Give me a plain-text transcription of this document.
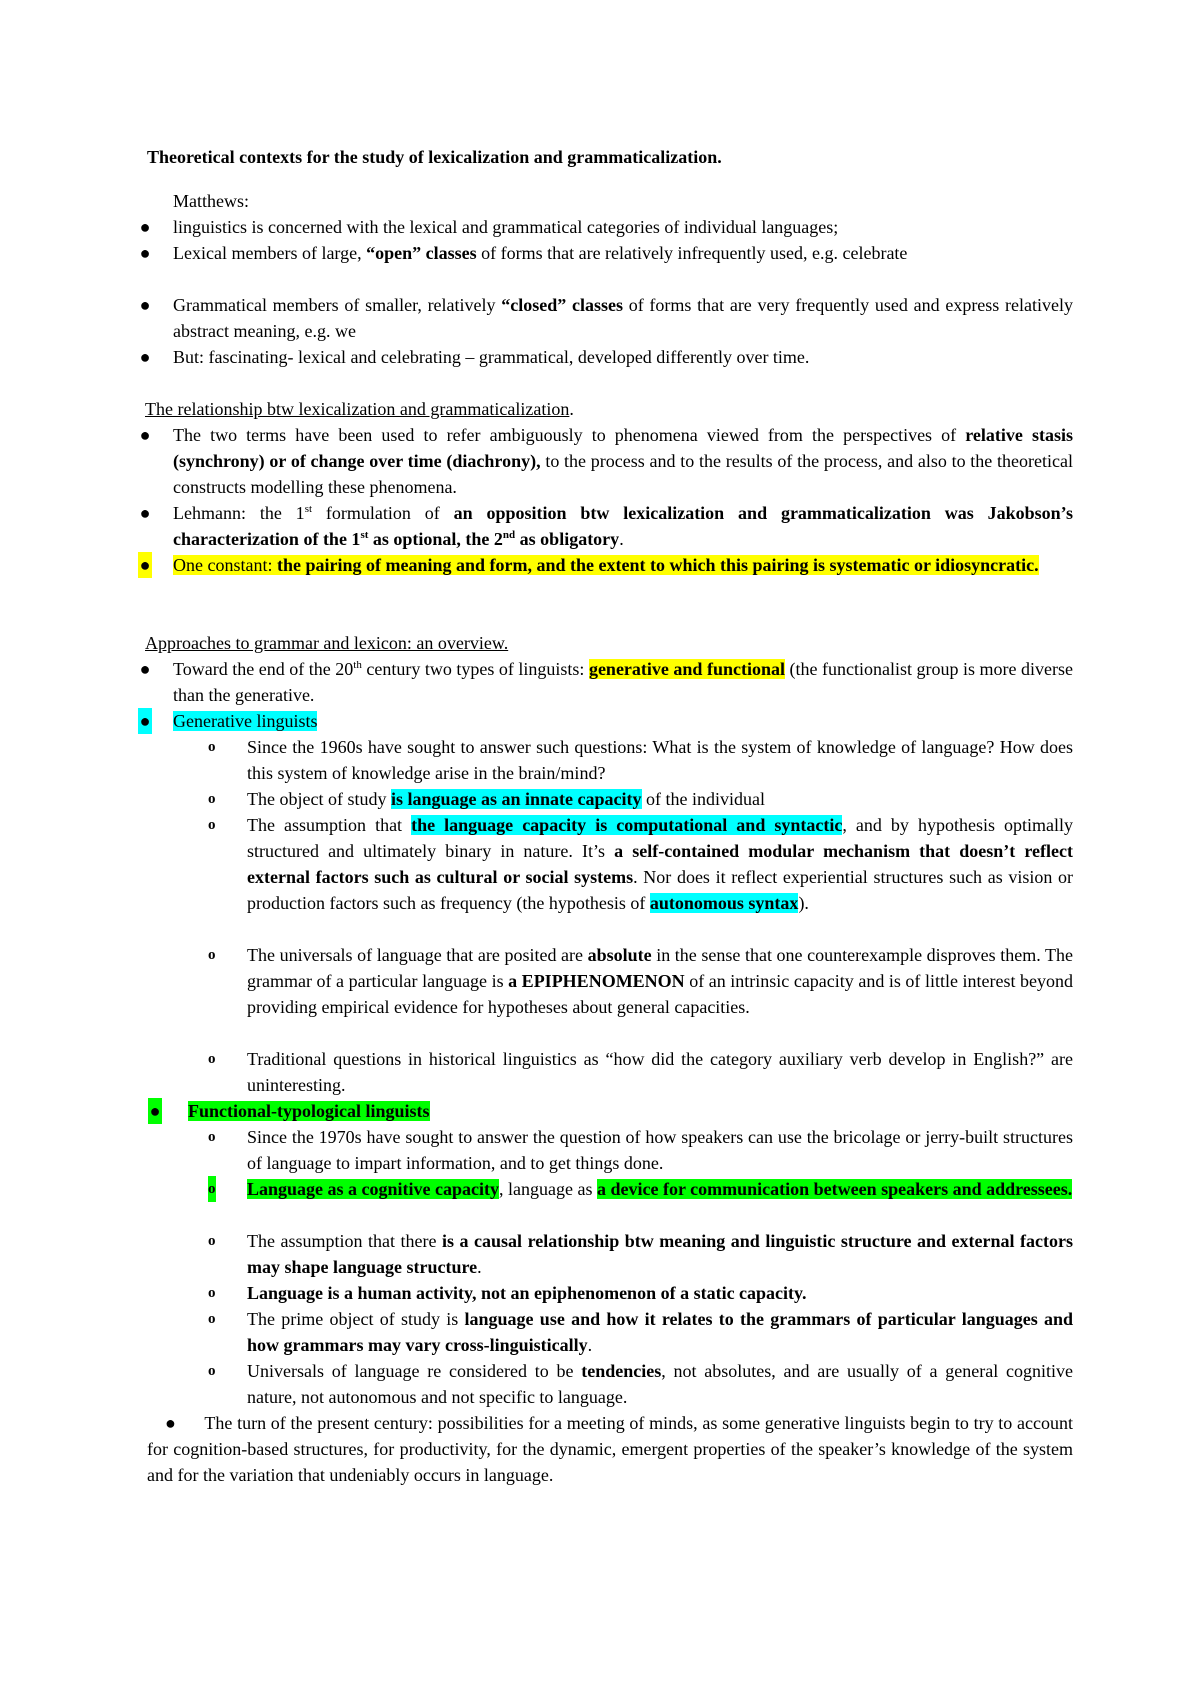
Theoretical contexts for the study of lexicalization and grammaticalization.
Matthews:
● linguistics is concerned with the lexical and grammatical categories of individual languages;
● Lexical members of large, “open” classes of forms that are relatively infrequently used, e.g. celebrate
● Grammatical members of smaller, relatively “closed” classes of forms that are very frequently used and express relatively abstract meaning, e.g. we
● But: fascinating- lexical and celebrating – grammatical, developed differently over time.
The relationship btw lexicalization and grammaticalization.
● The two terms have been used to refer ambiguously to phenomena viewed from the perspectives of relative stasis (synchrony) or of change over time (diachrony), to the process and to the results of the process, and also to the theoretical constructs modelling these phenomena.
● Lehmann: the 1st formulation of an opposition btw lexicalization and grammaticalization was Jakobson’s characterization of the 1st as optional, the 2nd as obligatory.
● One constant: the pairing of meaning and form, and the extent to which this pairing is systematic or idiosyncratic.
Approaches to grammar and lexicon: an overview.
● Toward the end of the 20th century two types of linguists: generative and functional (the functionalist group is more diverse than the generative.
● Generative linguists
o Since the 1960s have sought to answer such questions: What is the system of knowledge of language? How does this system of knowledge arise in the brain/mind?
o The object of study is language as an innate capacity of the individual
o The assumption that the language capacity is computational and syntactic, and by hypothesis optimally structured and ultimately binary in nature. It’s a self-contained modular mechanism that doesn’t reflect external factors such as cultural or social systems. Nor does it reflect experiential structures such as vision or production factors such as frequency (the hypothesis of autonomous syntax).
o The universals of language that are posited are absolute in the sense that one counterexample disproves them. The grammar of a particular language is a EPIPHENOMENON of an intrinsic capacity and is of little interest beyond providing empirical evidence for hypotheses about general capacities.
o Traditional questions in historical linguistics as “how did the category auxiliary verb develop in English?” are uninteresting.
● Functional-typological linguists
o Since the 1970s have sought to answer the question of how speakers can use the bricolage or jerry-built structures of language to impart information, and to get things done.
o Language as a cognitive capacity, language as a device for communication between speakers and addressees.
o The assumption that there is a causal relationship btw meaning and linguistic structure and external factors may shape language structure.
o Language is a human activity, not an epiphenomenon of a static capacity.
o The prime object of study is language use and how it relates to the grammars of particular languages and how grammars may vary cross-linguistically.
o Universals of language re considered to be tendencies, not absolutes, and are usually of a general cognitive nature, not autonomous and not specific to language.
●      The turn of the present century: possibilities for a meeting of minds, as some generative linguists begin to try to account for cognition-based structures, for productivity, for the dynamic, emergent properties of the speaker’s knowledge of the system and for the variation that undeniably occurs in language.
